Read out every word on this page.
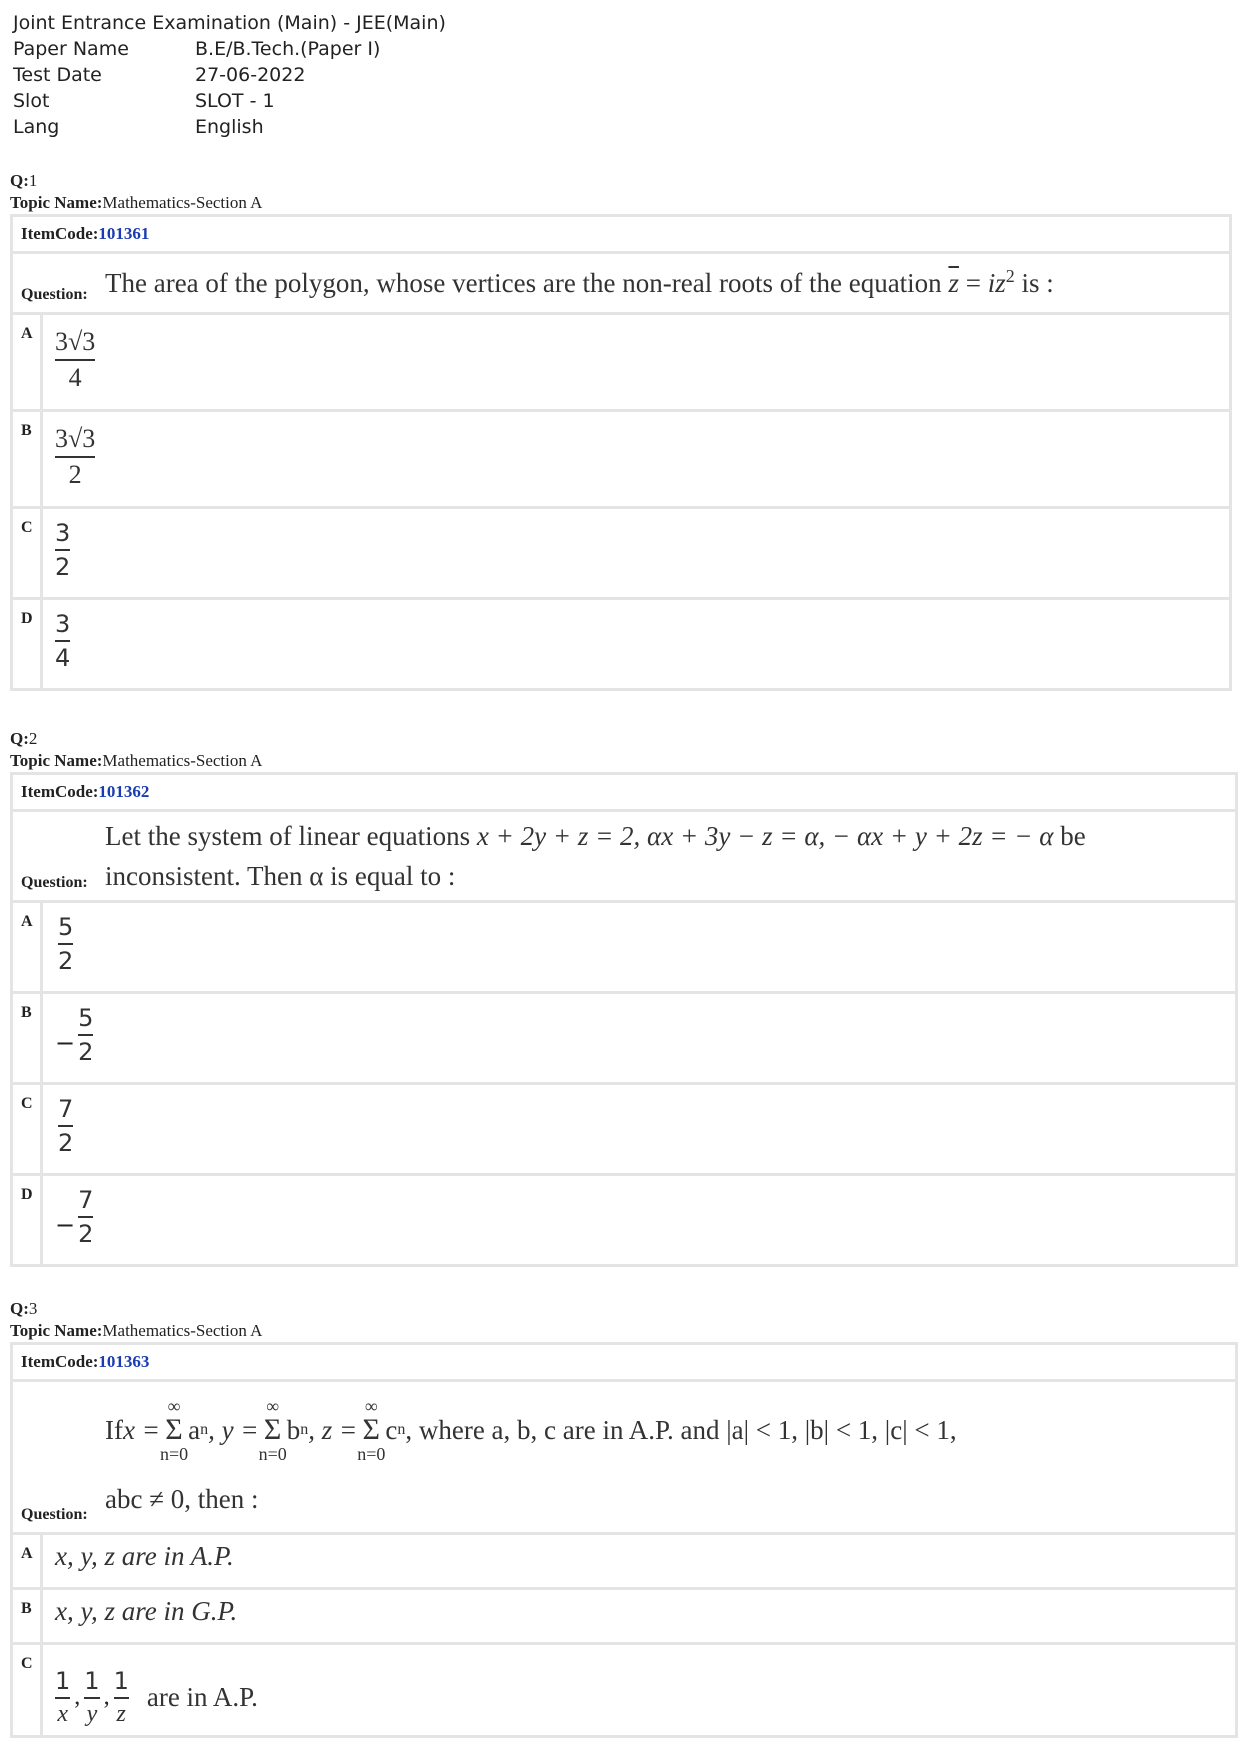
Joint Entrance Examination (Main) - JEE(Main)
Paper Name	B.E/B.Tech.(Paper I)
Test Date	27-06-2022
Slot	SLOT - 1
Lang	English
Q:1
Topic Name:Mathematics-Section A
ItemCode:101361
Question: The area of the polygon, whose vertices are the non-real roots of the equation $\overline{z} = iz^2$ is :
A $\frac{3√3}{4}$
B $\frac{3√3}{2}$
C $\frac{3}{2}$
D $\frac{3}{4}$
Q:2
Topic Name:Mathematics-Section A
ItemCode:101362
Question:
Let the system of linear equations x + 2y + z = 2, αx + 3y − z = α, − αx + y + 2z = − α be
inconsistent. Then α is equal to :
A	$\frac{5}{2}$
B
− $\frac{5}{2}$
C	$\frac{7}{2}$
D
− $\frac{7}{2}$
Q:3
Topic Name:Mathematics-Section A
ItemCode:101363
Question:
If x =
∞
Σ
n=0
a n , y =
∞
Σ
n=0
b n , z =
∞
Σ
n=0
c n , where a, b, c are in A.P. and |a| < 1, |b| < 1, |c| < 1,
abc ≠ 0, then :
A x, y, z are in A.P.
B x, y, z are in G.P.
C
$\frac{1}{x}$ , $\frac{1}{y}$ , $\frac{1}{z}$ are in A.P.
